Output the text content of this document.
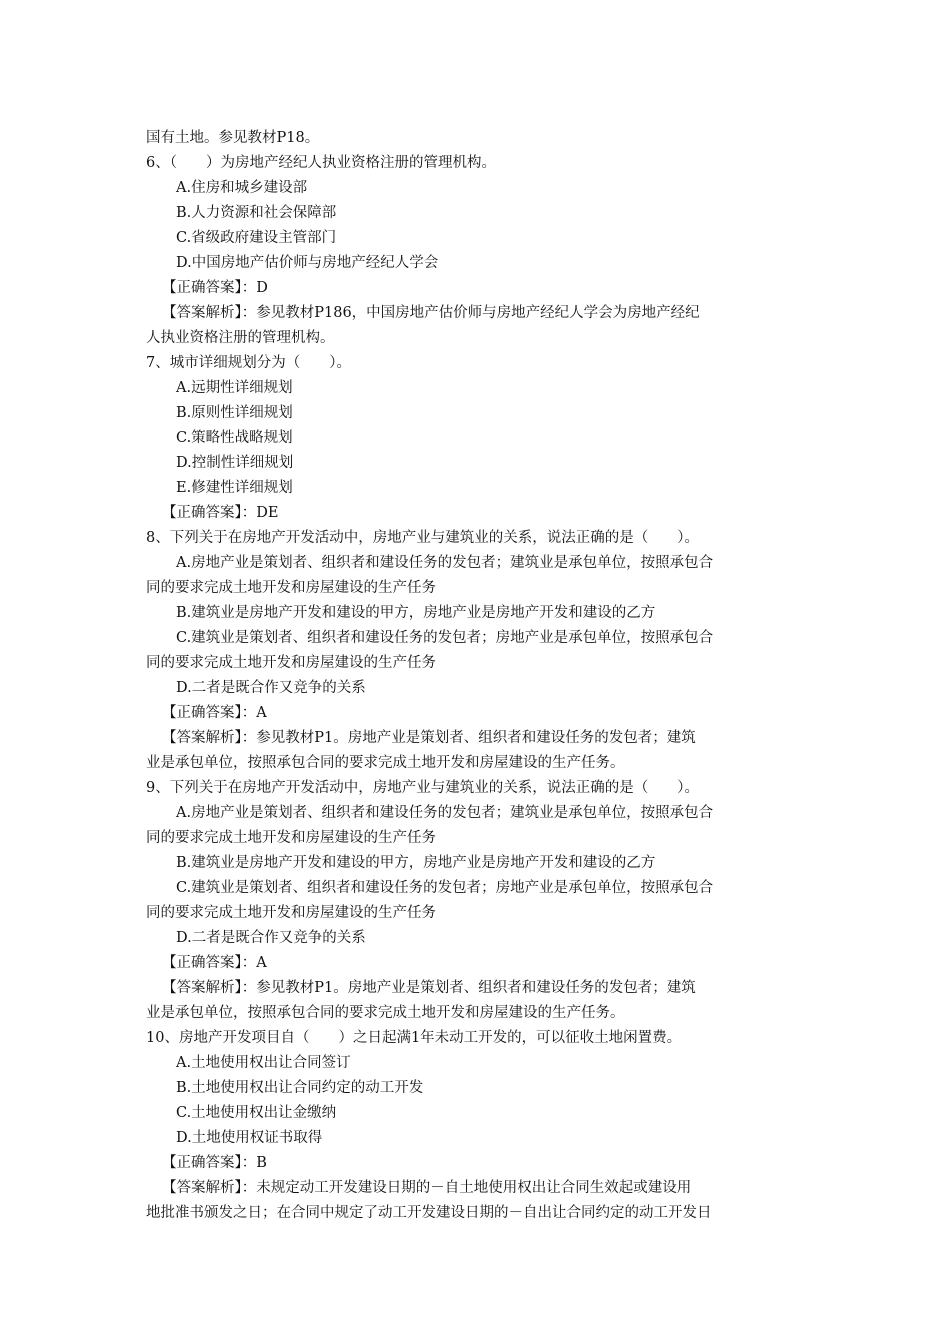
国有土地。参见教材P18。
6、（　　）为房地产经纪人执业资格注册的管理机构。
A.住房和城乡建设部
B.人力资源和社会保障部
C.省级政府建设主管部门
D.中国房地产估价师与房地产经纪人学会
【正确答案】：D
【答案解析】：参见教材P186，中国房地产估价师与房地产经纪人学会为房地产经纪
人执业资格注册的管理机构。
7、城市详细规划分为（　　）。
A.远期性详细规划
B.原则性详细规划
C.策略性战略规划
D.控制性详细规划
E.修建性详细规划
【正确答案】：DE
8、下列关于在房地产开发活动中，房地产业与建筑业的关系，说法正确的是（　　）。
A.房地产业是策划者、组织者和建设任务的发包者；建筑业是承包单位，按照承包合
同的要求完成土地开发和房屋建设的生产任务
B.建筑业是房地产开发和建设的甲方，房地产业是房地产开发和建设的乙方
C.建筑业是策划者、组织者和建设任务的发包者；房地产业是承包单位，按照承包合
同的要求完成土地开发和房屋建设的生产任务
D.二者是既合作又竞争的关系
【正确答案】：A
【答案解析】：参见教材P1。房地产业是策划者、组织者和建设任务的发包者；建筑
业是承包单位，按照承包合同的要求完成土地开发和房屋建设的生产任务。
9、下列关于在房地产开发活动中，房地产业与建筑业的关系，说法正确的是（　　）。
A.房地产业是策划者、组织者和建设任务的发包者；建筑业是承包单位，按照承包合
同的要求完成土地开发和房屋建设的生产任务
B.建筑业是房地产开发和建设的甲方，房地产业是房地产开发和建设的乙方
C.建筑业是策划者、组织者和建设任务的发包者；房地产业是承包单位，按照承包合
同的要求完成土地开发和房屋建设的生产任务
D.二者是既合作又竞争的关系
【正确答案】：A
【答案解析】：参见教材P1。房地产业是策划者、组织者和建设任务的发包者；建筑
业是承包单位，按照承包合同的要求完成土地开发和房屋建设的生产任务。
10、房地产开发项目自（　　）之日起满1年未动工开发的，可以征收土地闲置费。
A.土地使用权出让合同签订
B.土地使用权出让合同约定的动工开发
C.土地使用权出让金缴纳
D.土地使用权证书取得
【正确答案】：B
【答案解析】：未规定动工开发建设日期的－自土地使用权出让合同生效起或建设用
地批准书颁发之日；在合同中规定了动工开发建设日期的－自出让合同约定的动工开发日
